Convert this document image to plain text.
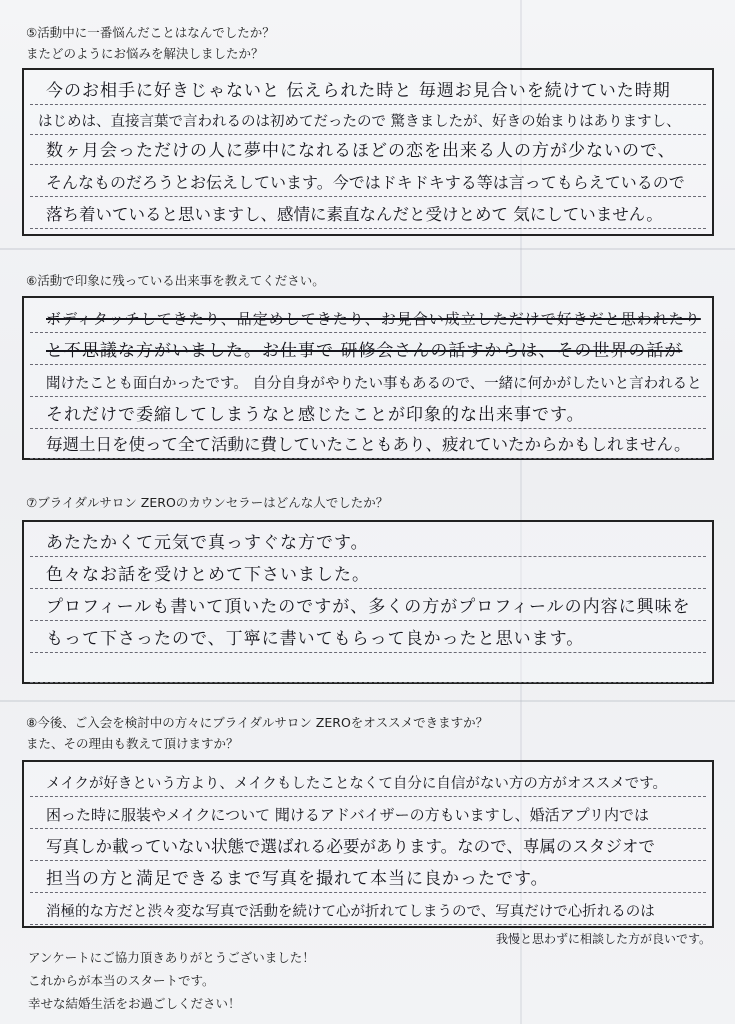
⑤活動中に一番悩んだことはなんでしたか？
またどのようにお悩みを解決しましたか？
今のお相手に好きじゃないと 伝えられた時と 毎週お見合いを続けていた時期
はじめは、直接言葉で言われるのは初めてだったので 驚きましたが、好きの始まりはありますし、
数ヶ月会っただけの人に夢中になれるほどの恋を出来る人の方が少ないので、
そんなものだろうとお伝えしています。今ではドキドキする等は言ってもらえているので
落ち着いていると思いますし、感情に素直なんだと受けとめて 気にしていません。
⑥活動で印象に残っている出来事を教えてください。
ボディタッチしてきたり、品定めしてきたり、お見合い成立しただけで好きだと思われたり
と不思議な方がいました。お仕事で 研修会さんの話すからは、その世界の話が
聞けたことも面白かったです。 自分自身がやりたい事もあるので、一緒に何かがしたいと言われると
それだけで委縮してしまうなと感じたことが印象的な出来事です。
毎週土日を使って全て活動に費していたこともあり、疲れていたからかもしれません。
⑦ブライダルサロン ZEROのカウンセラーはどんな人でしたか？
あたたかくて元気で真っすぐな方です。
色々なお話を受けとめて下さいました。
プロフィールも書いて頂いたのですが、多くの方がプロフィールの内容に興味を
もって下さったので、丁寧に書いてもらって良かったと思います。
⑧今後、ご入会を検討中の方々にブライダルサロン ZEROをオススメできますか？
また、その理由も教えて頂けますか？
メイクが好きという方より、メイクもしたことなくて自分に自信がない方の方がオススメです。
困った時に服装やメイクについて 聞けるアドバイザーの方もいますし、婚活アプリ内では
写真しか載っていない状態で選ばれる必要があります。なので、専属のスタジオで
担当の方と満足できるまで写真を撮れて本当に良かったです。
消極的な方だと渋々変な写真で活動を続けて心が折れてしまうので、写真だけで心折れるのは
我慢と思わずに相談した方が良いです。
アンケートにご協力頂きありがとうございました！
これからが本当のスタートです。
幸せな結婚生活をお過ごしください！
